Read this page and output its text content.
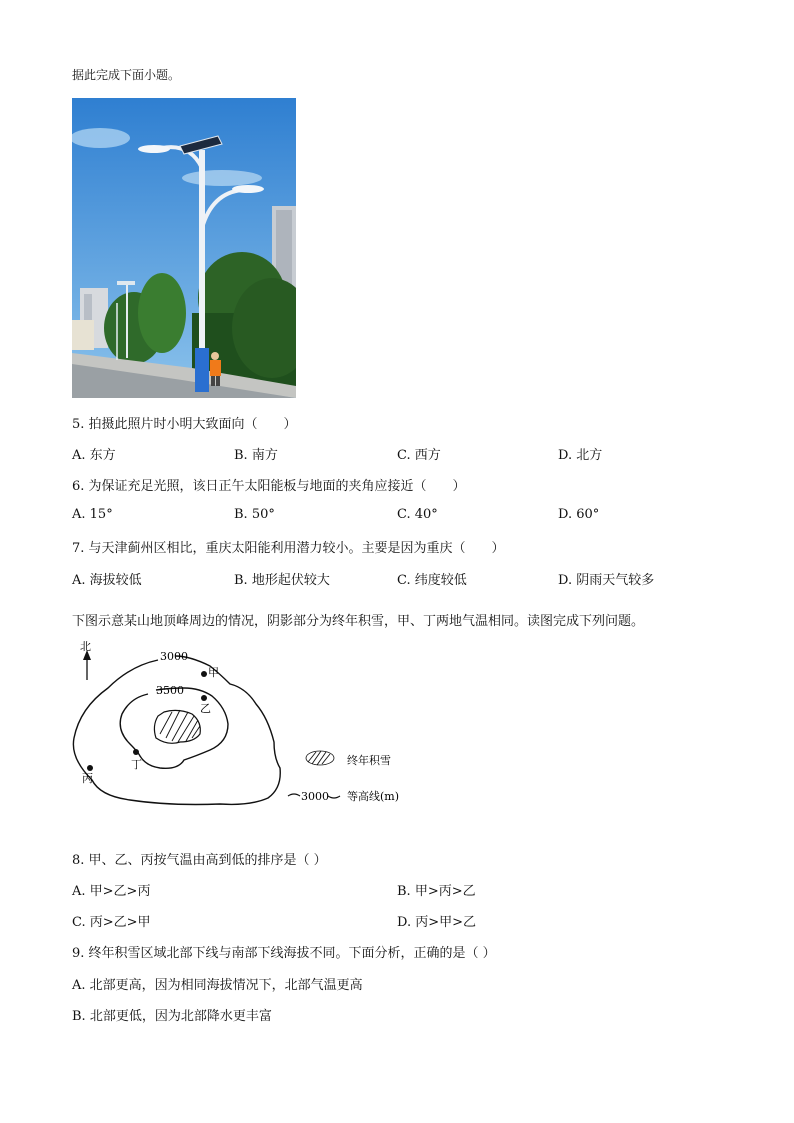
据此完成下面小题。
5. 拍摄此照片时小明大致面向（　　）
A. 东方	B. 南方	C. 西方	D. 北方
6. 为保证充足光照，该日正午太阳能板与地面的夹角应接近（　　）
A. 15°	B. 50°	C. 40°	D. 60°
7. 与天津蓟州区相比，重庆太阳能利用潜力较小。主要是因为重庆（　　）
A. 海拔较低	B. 地形起伏较大	C. 纬度较低	D. 阴雨天气较多
下图示意某山地顶峰周边的情况，阴影部分为终年积雪，甲、丁两地气温相同。读图完成下列问题。
北
3000
3500
甲
乙
丁
丙
终年积雪
3000 等高线(m)
8. 甲、乙、丙按气温由高到低的排序是（ ）
A. 甲>乙>丙	B. 甲>丙>乙
C. 丙>乙>甲	D. 丙>甲>乙
9. 终年积雪区域北部下线与南部下线海拔不同。下面分析，正确的是（ ）
A. 北部更高，因为相同海拔情况下，北部气温更高
B. 北部更低，因为北部降水更丰富
